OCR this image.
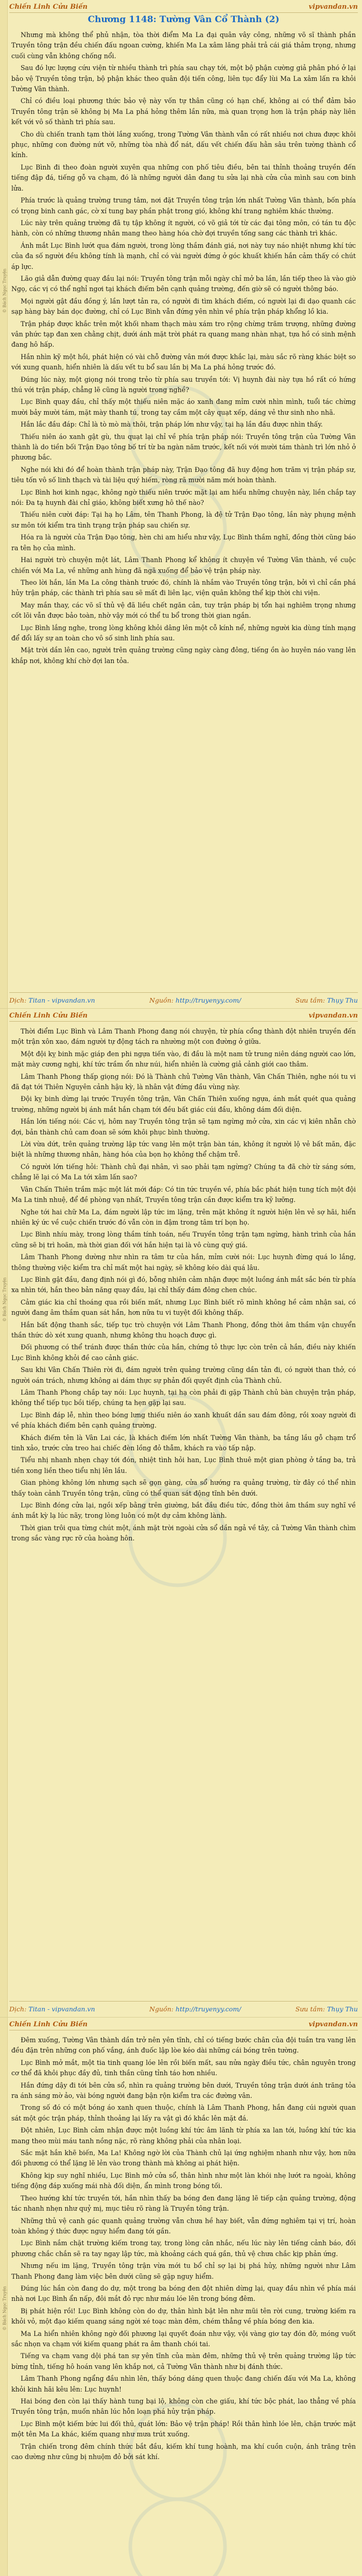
© Bách Ngọc Truyện
Chiến Linh Cửu Biến	vipvandan.vn
Chương 1148: Tường Vân Cổ Thành (2)

Nhưng mà không thể phủ nhận, tòa thời điểm Ma La đại quân vây công, những võ sĩ thành phần Truyền tông trận đều chiến đấu ngoan cường, khiến Ma La xâm lăng phải trả cái giá thảm trọng, nhưng cuối cùng vẫn không chống nổi.

Sau đó lực lượng cứu viện từ nhiều thành trì phía sau chạy tới, một bộ phận cường giả phân phó ở lại bảo vệ Truyền tông trận, bộ phận khác theo quân đội tiến công, liên tục đẩy lùi Ma La xâm lấn ra khỏi Tường Vân thành.

Chỉ có điều loại phương thức bảo vệ này vốn tự thân cũng có hạn chế, không ai có thể đảm bảo Truyền tông trận sẽ không bị Ma La phá hỏng thêm lần nữa, mà quan trọng hơn là trận pháp này liên kết với vô số thành trì phía sau.

Cho dù chiến tranh tạm thời lắng xuống, trong Tường Vân thành vẫn có rất nhiều nơi chưa được khôi phục, những con đường nứt vỡ, những tòa nhà đổ nát, dấu vết chiến đấu hằn sâu trên tường thành cổ kính.

Lục Bình đi theo đoàn người xuyên qua những con phố tiêu điều, bên tai thỉnh thoảng truyền đến tiếng đập đá, tiếng gỗ va chạm, đó là những người dân đang tu sửa lại nhà cửa của mình sau cơn binh lửa.

Phía trước là quảng trường trung tâm, nơi đặt Truyền tông trận lớn nhất Tường Vân thành, bốn phía có trọng binh canh gác, cờ xí tung bay phần phật trong gió, không khí trang nghiêm khác thường.

Lúc này trên quảng trường đã tụ tập không ít người, có võ giả tới từ các đại tông môn, có tán tu độc hành, còn có những thương nhân mang theo hàng hóa chờ đợi truyền tống sang các thành trì khác.

Ánh mắt Lục Bình lướt qua đám người, trong lòng thầm đánh giá, nơi này tuy náo nhiệt nhưng khí tức của đa số người đều không tính là mạnh, chỉ có vài người đứng ở góc khuất khiến hắn cảm thấy có chút áp lực.

Lão giả dẫn đường quay đầu lại nói: Truyền tông trận mỗi ngày chỉ mở ba lần, lần tiếp theo là vào giờ Ngọ, các vị có thể nghỉ ngơi tại khách điếm bên cạnh quảng trường, đến giờ sẽ có người thông báo.

Mọi người gật đầu đồng ý, lần lượt tản ra, có người đi tìm khách điếm, có người lại đi dạo quanh các sạp hàng bày bán dọc đường, chỉ có Lục Bình vẫn đứng yên nhìn về phía trận pháp khổng lồ kia.

Trận pháp được khắc trên một khối nham thạch màu xám tro rộng chừng trăm trượng, những đường vân phức tạp đan xen chằng chịt, dưới ánh mặt trời phát ra quang mang nhàn nhạt, tựa hồ có sinh mệnh đang hô hấp.

Hắn nhìn kỹ một hồi, phát hiện có vài chỗ đường vân mới được khắc lại, màu sắc rõ ràng khác biệt so với xung quanh, hiển nhiên là dấu vết tu bổ sau lần bị Ma La phá hỏng trước đó.

Đúng lúc này, một giọng nói trong trẻo từ phía sau truyền tới: Vị huynh đài này tựa hồ rất có hứng thú với trận pháp, chẳng lẽ cũng là người trong nghề?

Lục Bình quay đầu, chỉ thấy một thiếu niên mặc áo xanh đang mỉm cười nhìn mình, tuổi tác chừng mười bảy mười tám, mặt mày thanh tú, trong tay cầm một cây quạt xếp, dáng vẻ thư sinh nho nhã.

Hắn lắc đầu đáp: Chỉ là tò mò mà thôi, trận pháp lớn như vậy, tại hạ lần đầu được nhìn thấy.

Thiếu niên áo xanh gật gù, thu quạt lại chỉ về phía trận pháp nói: Truyền tông trận của Tường Vân thành là do tiền bối Trận Đạo tông bố trí từ ba ngàn năm trước, kết nối với mười tám thành trì lớn nhỏ ở phương bắc.

Nghe nói khi đó để hoàn thành trận pháp này, Trận Đạo tông đã huy động hơn trăm vị trận pháp sư, tiêu tốn vô số linh thạch và tài liệu quý hiếm, ròng rã mười năm mới hoàn thành.

Lục Bình hơi kinh ngạc, không ngờ thiếu niên trước mặt lại am hiểu những chuyện này, liền chắp tay nói: Đa tạ huynh đài chỉ giáo, không biết xưng hô thế nào?

Thiếu niên cười đáp: Tại hạ họ Lâm, tên Thanh Phong, là đệ tử Trận Đạo tông, lần này phụng mệnh sư môn tới kiểm tra tình trạng trận pháp sau chiến sự.

Hóa ra là người của Trận Đạo tông, hèn chi am hiểu như vậy, Lục Bình thầm nghĩ, đồng thời cũng báo ra tên họ của mình.

Hai người trò chuyện một lát, Lâm Thanh Phong kể không ít chuyện về Tường Vân thành, về cuộc chiến với Ma La, về những anh hùng đã ngã xuống để bảo vệ trận pháp này.

Theo lời hắn, lần Ma La công thành trước đó, chính là nhắm vào Truyền tông trận, bởi vì chỉ cần phá hủy trận pháp, các thành trì phía sau sẽ mất đi liên lạc, viện quân không thể kịp thời chi viện.

May mắn thay, các võ sĩ thủ vệ đã liều chết ngăn cản, tuy trận pháp bị tổn hại nghiêm trọng nhưng cốt lõi vẫn được bảo toàn, nhờ vậy mới có thể tu bổ trong thời gian ngắn.

Lục Bình lắng nghe, trong lòng không khỏi dâng lên một cỗ kính nể, những người kia dùng tính mạng để đổi lấy sự an toàn cho vô số sinh linh phía sau.

Mặt trời dần lên cao, người trên quảng trường cũng ngày càng đông, tiếng ồn ào huyên náo vang lên khắp nơi, không khí chờ đợi lan tỏa.

Dịch: Titan - vipvandan.vn	Nguồn: http://truyenyy.com/	Sưu tầm: Thụy Thu
© Bách Ngọc Truyện
Chiến Linh Cửu Biến	vipvandan.vn

Thời điểm Lục Bình và Lâm Thanh Phong đang nói chuyện, từ phía cổng thành đột nhiên truyền đến một trận xôn xao, đám người tự động tách ra nhường một con đường ở giữa.

Một đội kỵ binh mặc giáp đen phi ngựa tiến vào, đi đầu là một nam tử trung niên dáng người cao lớn, mặt mày cương nghị, khí tức trầm ổn như núi, hiển nhiên là cường giả cảnh giới cao thâm.

Lâm Thanh Phong thấp giọng nói: Đó là Thành chủ Tường Vân thành, Vân Chấn Thiên, nghe nói tu vi đã đạt tới Thiên Nguyên cảnh hậu kỳ, là nhân vật đứng đầu vùng này.

Đội kỵ binh dừng lại trước Truyền tông trận, Vân Chấn Thiên xuống ngựa, ánh mắt quét qua quảng trường, những người bị ánh mắt hắn chạm tới đều bất giác cúi đầu, không dám đối diện.

Hắn lớn tiếng nói: Các vị, hôm nay Truyền tông trận sẽ tạm ngừng mở cửa, xin các vị kiên nhẫn chờ đợi, bản thành chủ cam đoan sẽ sớm khôi phục bình thường.

Lời vừa dứt, trên quảng trường lập tức vang lên một trận bàn tán, không ít người lộ vẻ bất mãn, đặc biệt là những thương nhân, hàng hóa của bọn họ không thể chậm trễ.

Có người lớn tiếng hỏi: Thành chủ đại nhân, vì sao phải tạm ngừng? Chúng ta đã chờ từ sáng sớm, chẳng lẽ lại có Ma La tới xâm lấn sao?

Vân Chấn Thiên trầm mặc một lát mới đáp: Có tin tức truyền về, phía bắc phát hiện tung tích một đội Ma La tinh nhuệ, để đề phòng vạn nhất, Truyền tông trận cần được kiểm tra kỹ lưỡng.

Nghe tới hai chữ Ma La, đám người lập tức im lặng, trên mặt không ít người hiện lên vẻ sợ hãi, hiển nhiên ký ức về cuộc chiến trước đó vẫn còn in đậm trong tâm trí bọn họ.

Lục Bình nhíu mày, trong lòng thầm tính toán, nếu Truyền tông trận tạm ngừng, hành trình của hắn cũng sẽ bị trì hoãn, mà thời gian đối với hắn hiện tại là vô cùng quý giá.

Lâm Thanh Phong dường như nhìn ra tâm tư của hắn, mỉm cười nói: Lục huynh đừng quá lo lắng, thông thường việc kiểm tra chỉ mất một hai ngày, sẽ không kéo dài quá lâu.

Lục Bình gật đầu, đang định nói gì đó, bỗng nhiên cảm nhận được một luồng ánh mắt sắc bén từ phía xa nhìn tới, hắn theo bản năng quay đầu, lại chỉ thấy đám đông chen chúc.

Cảm giác kia chỉ thoáng qua rồi biến mất, nhưng Lục Bình biết rõ mình không hề cảm nhận sai, có người đang âm thầm quan sát hắn, hơn nữa tu vi tuyệt đối không thấp.

Hắn bất động thanh sắc, tiếp tục trò chuyện với Lâm Thanh Phong, đồng thời âm thầm vận chuyển thần thức dò xét xung quanh, nhưng không thu hoạch được gì.

Đối phương có thể tránh được thần thức của hắn, chứng tỏ thực lực còn trên cả hắn, điều này khiến Lục Bình không khỏi đề cao cảnh giác.

Sau khi Vân Chấn Thiên rời đi, đám người trên quảng trường cũng dần tản đi, có người than thở, có người oán trách, nhưng không ai dám thực sự phản đối quyết định của Thành chủ.

Lâm Thanh Phong chắp tay nói: Lục huynh, tại hạ còn phải đi gặp Thành chủ bàn chuyện trận pháp, không thể tiếp tục bồi tiếp, chúng ta hẹn gặp lại sau.

Lục Bình đáp lễ, nhìn theo bóng lưng thiếu niên áo xanh khuất dần sau đám đông, rồi xoay người đi về phía khách điếm bên cạnh quảng trường.

Khách điếm tên là Vân Lai các, là khách điếm lớn nhất Tường Vân thành, ba tầng lầu gỗ chạm trổ tinh xảo, trước cửa treo hai chiếc đèn lồng đỏ thẫm, khách ra vào tấp nập.

Tiểu nhị nhanh nhẹn chạy tới đón, nhiệt tình hỏi han, Lục Bình thuê một gian phòng ở tầng ba, trả tiền xong liền theo tiểu nhị lên lầu.

Gian phòng không lớn nhưng sạch sẽ gọn gàng, cửa sổ hướng ra quảng trường, từ đây có thể nhìn thấy toàn cảnh Truyền tông trận, cũng có thể quan sát động tĩnh bên dưới.

Lục Bình đóng cửa lại, ngồi xếp bằng trên giường, bắt đầu điều tức, đồng thời âm thầm suy nghĩ về ánh mắt kỳ lạ lúc nãy, trong lòng luôn có một dự cảm không lành.

Thời gian trôi qua từng chút một, ánh mặt trời ngoài cửa sổ dần ngả về tây, cả Tường Vân thành chìm trong sắc vàng rực rỡ của hoàng hôn.

Dịch: Titan - vipvandan.vn	Nguồn: http://truyenyy.com/	Sưu tầm: Thụy Thu
© Bách Ngọc Truyện
Chiến Linh Cửu Biến	vipvandan.vn

Đêm xuống, Tường Vân thành dần trở nên yên tĩnh, chỉ có tiếng bước chân của đội tuần tra vang lên đều đặn trên những con phố vắng, ánh đuốc lập lòe kéo dài những cái bóng trên tường.

Lục Bình mở mắt, một tia tinh quang lóe lên rồi biến mất, sau nửa ngày điều tức, chân nguyên trong cơ thể đã khôi phục đầy đủ, tinh thần cũng tỉnh táo hơn nhiều.

Hắn đứng dậy đi tới bên cửa sổ, nhìn ra quảng trường bên dưới, Truyền tông trận dưới ánh trăng tỏa ra ánh sáng mờ ảo, vài bóng người đang bận rộn kiểm tra các đường vân.

Trong số đó có một bóng áo xanh quen thuộc, chính là Lâm Thanh Phong, hắn đang cúi người quan sát một góc trận pháp, thỉnh thoảng lại lấy ra vật gì đó khắc lên mặt đá.

Đột nhiên, Lục Bình cảm nhận được một luồng khí tức âm lãnh từ phía xa lan tới, luồng khí tức kia mang theo mùi máu tanh nồng nặc, rõ ràng không phải của nhân loại.

Sắc mặt hắn khẽ biến, Ma La! Không ngờ lời của Thành chủ lại ứng nghiệm nhanh như vậy, hơn nữa đối phương có thể lặng lẽ lẻn vào trong thành mà không ai phát hiện.

Không kịp suy nghĩ nhiều, Lục Bình mở cửa sổ, thân hình như một làn khói nhẹ lướt ra ngoài, không tiếng động đáp xuống mái nhà đối diện, ẩn mình trong bóng tối.

Theo hướng khí tức truyền tới, hắn nhìn thấy ba bóng đen đang lặng lẽ tiếp cận quảng trường, động tác nhanh nhẹn như quỷ mị, mục tiêu rõ ràng là Truyền tông trận.

Những thủ vệ canh gác quanh quảng trường vẫn chưa hề hay biết, vẫn đứng nghiêm tại vị trí, hoàn toàn không ý thức được nguy hiểm đang tới gần.

Lục Bình nắm chặt trường kiếm trong tay, trong lòng cân nhắc, nếu lúc này lên tiếng cảnh báo, đối phương chắc chắn sẽ ra tay ngay lập tức, mà khoảng cách quá gần, thủ vệ chưa chắc kịp phản ứng.

Nhưng nếu im lặng, Truyền tông trận vừa mới tu bổ chỉ sợ lại bị phá hủy, những người như Lâm Thanh Phong đang làm việc bên dưới cũng sẽ gặp nguy hiểm.

Đúng lúc hắn còn đang do dự, một trong ba bóng đen đột nhiên dừng lại, quay đầu nhìn về phía mái nhà nơi Lục Bình ẩn nấp, đôi mắt đỏ rực như máu lóe lên trong bóng đêm.

Bị phát hiện rồi! Lục Bình không còn do dự, thân hình bật lên như mũi tên rời cung, trường kiếm ra khỏi vỏ, một đạo kiếm quang sáng ngời xé toạc màn đêm, chém thẳng về phía bóng đen kia.

Ma La hiển nhiên không ngờ đối phương lại quyết đoán như vậy, vội vàng giơ tay đón đỡ, móng vuốt sắc nhọn va chạm với kiếm quang phát ra âm thanh chói tai.

Tiếng va chạm vang dội phá tan sự yên tĩnh của màn đêm, những thủ vệ trên quảng trường lập tức bừng tỉnh, tiếng hô hoán vang lên khắp nơi, cả Tường Vân thành như bị đánh thức.

Lâm Thanh Phong ngẩng đầu nhìn lên, thấy bóng dáng quen thuộc đang chiến đấu với Ma La, không khỏi kinh hãi kêu lên: Lục huynh!

Hai bóng đen còn lại thấy hành tung bại lộ, không còn che giấu, khí tức bộc phát, lao thẳng về phía Truyền tông trận, muốn nhân lúc hỗn loạn phá hủy trận pháp.

Lục Bình một kiếm bức lui đối thủ, quát lớn: Bảo vệ trận pháp! Rồi thân hình lóe lên, chặn trước mặt một tên Ma La khác, kiếm quang như mưa trút xuống.

Trận chiến trong đêm chính thức bắt đầu, kiếm khí tung hoành, ma khí cuồn cuộn, ánh trăng trên cao dường như cũng bị nhuộm đỏ bởi sát khí.
